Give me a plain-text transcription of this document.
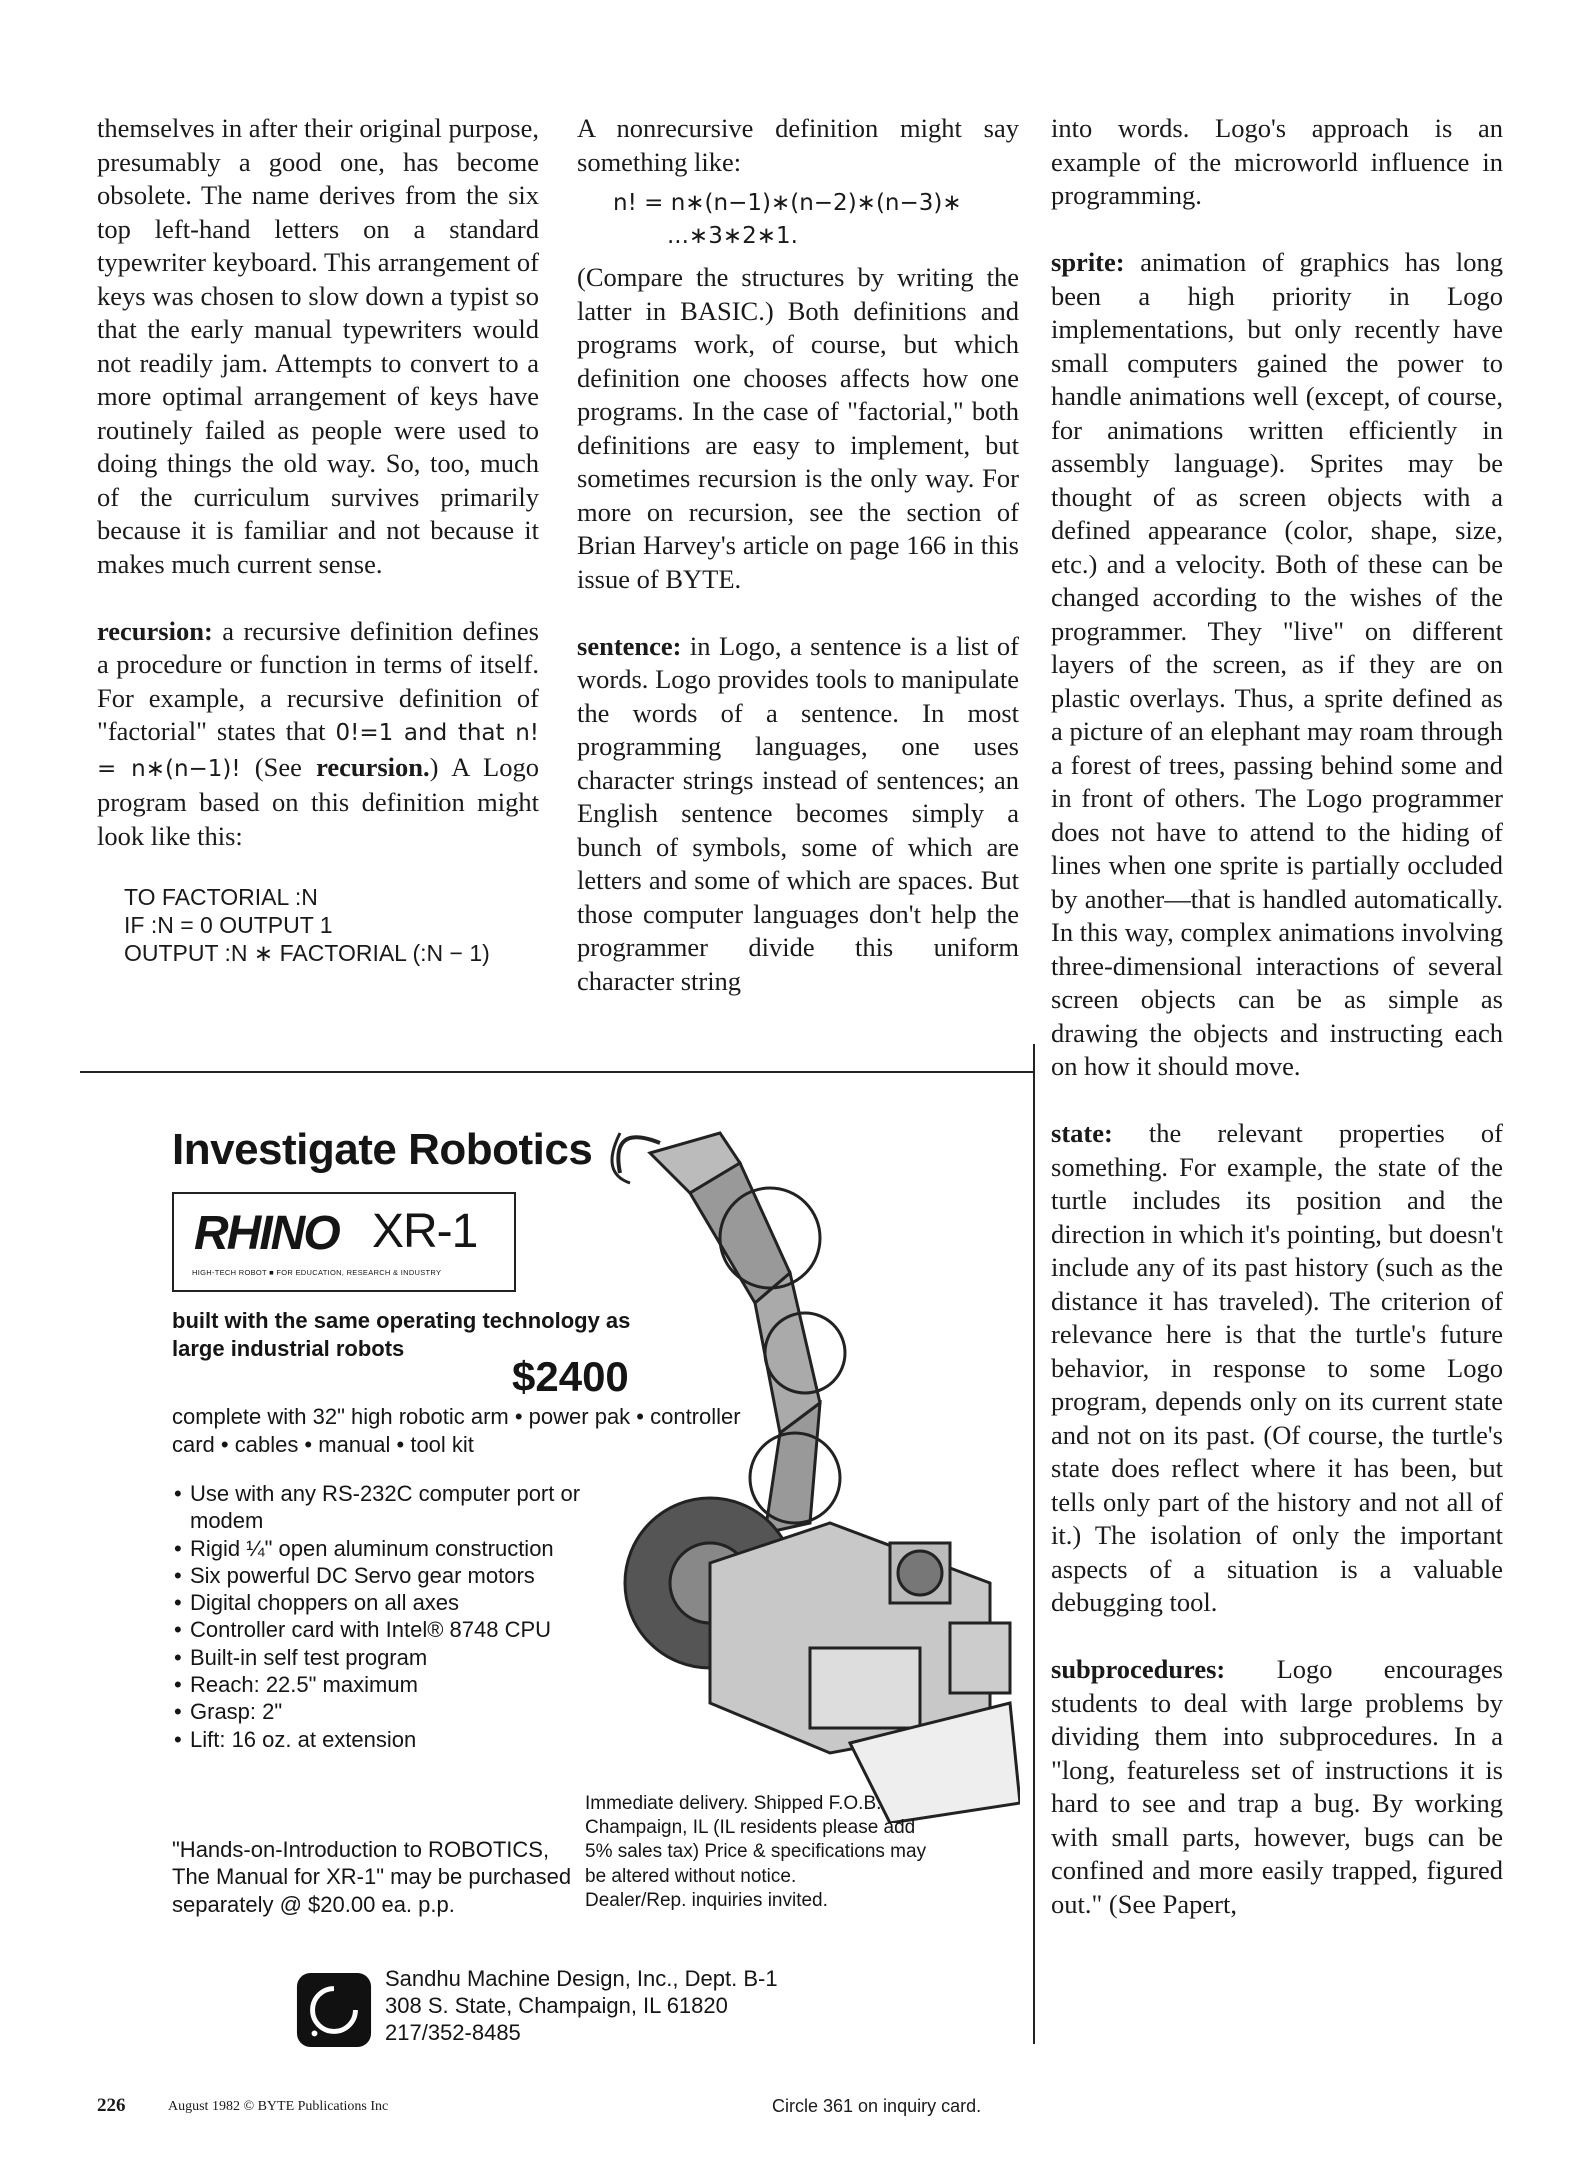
themselves in after their original purpose, presumably a good one, has become obsolete. The name derives from the six top left-hand letters on a standard typewriter keyboard. This arrangement of keys was chosen to slow down a typist so that the early manual typewriters would not readily jam. Attempts to convert to a more optimal arrangement of keys have routinely failed as people were used to doing things the old way. So, too, much of the curriculum survives primarily because it is familiar and not because it makes much current sense.

recursion: a recursive definition defines a procedure or function in terms of itself. For example, a recursive definition of "factorial" states that 0!=1 and that n! = n∗(n−1)! (See recursion.) A Logo program based on this definition might look like this:

TO FACTORIAL :N
IF :N = 0 OUTPUT 1
OUTPUT :N ∗ FACTORIAL (:N − 1)

A nonrecursive definition might say something like:

n! = n∗(n−1)∗(n−2)∗(n−3)∗
...∗3∗2∗1.

(Compare the structures by writing the latter in BASIC.) Both definitions and programs work, of course, but which definition one chooses affects how one programs. In the case of "factorial," both definitions are easy to implement, but sometimes recursion is the only way. For more on recursion, see the section of Brian Harvey's article on page 166 in this issue of BYTE.

sentence: in Logo, a sentence is a list of words. Logo provides tools to manipulate the words of a sentence. In most programming languages, one uses character strings instead of sentences; an English sentence becomes simply a bunch of symbols, some of which are letters and some of which are spaces. But those computer languages don't help the programmer divide this uniform character string

into words. Logo's approach is an example of the microworld influence in programming.

sprite: animation of graphics has long been a high priority in Logo implementations, but only recently have small computers gained the power to handle animations well (except, of course, for animations written efficiently in assembly language). Sprites may be thought of as screen objects with a defined appearance (color, shape, size, etc.) and a velocity. Both of these can be changed according to the wishes of the programmer. They "live" on different layers of the screen, as if they are on plastic overlays. Thus, a sprite defined as a picture of an elephant may roam through a forest of trees, passing behind some and in front of others. The Logo programmer does not have to attend to the hiding of lines when one sprite is partially occluded by another—that is handled automatically. In this way, complex animations involving three-dimensional interactions of several screen objects can be as simple as drawing the objects and instructing each on how it should move.

state: the relevant properties of something. For example, the state of the turtle includes its position and the direction in which it's pointing, but doesn't include any of its past history (such as the distance it has traveled). The criterion of relevance here is that the turtle's future behavior, in response to some Logo program, depends only on its current state and not on its past. (Of course, the turtle's state does reflect where it has been, but tells only part of the history and not all of it.) The isolation of only the important aspects of a situation is a valuable debugging tool.

subprocedures: Logo encourages students to deal with large problems by dividing them into subprocedures. In a "long, featureless set of instructions it is hard to see and trap a bug. By working with small parts, however, bugs can be confined and more easily trapped, figured out." (See Papert,

Investigate Robotics
RHINO XR-1
HIGH-TECH ROBOT ■ FOR EDUCATION, RESEARCH & INDUSTRY
built with the same operating technology as large industrial robots
$2400
complete with 32" high robotic arm • power pak • controller card • cables • manual • tool kit
• Use with any RS-232C computer port or modem
• Rigid ¼" open aluminum construction
• Six powerful DC Servo gear motors
• Digital choppers on all axes
• Controller card with Intel® 8748 CPU
• Built-in self test program
• Reach: 22.5" maximum
• Grasp: 2"
• Lift: 16 oz. at extension
"Hands-on-Introduction to ROBOTICS, The Manual for XR-1" may be purchased separately @ $20.00 ea. p.p.
Immediate delivery. Shipped F.O.B. Champaign, IL (IL residents please add 5% sales tax) Price & specifications may be altered without notice.
Dealer/Rep. inquiries invited.
Sandhu Machine Design, Inc., Dept. B-1
308 S. State, Champaign, IL 61820
217/352-8485
226	August 1982 © BYTE Publications Inc	Circle 361 on inquiry card.
